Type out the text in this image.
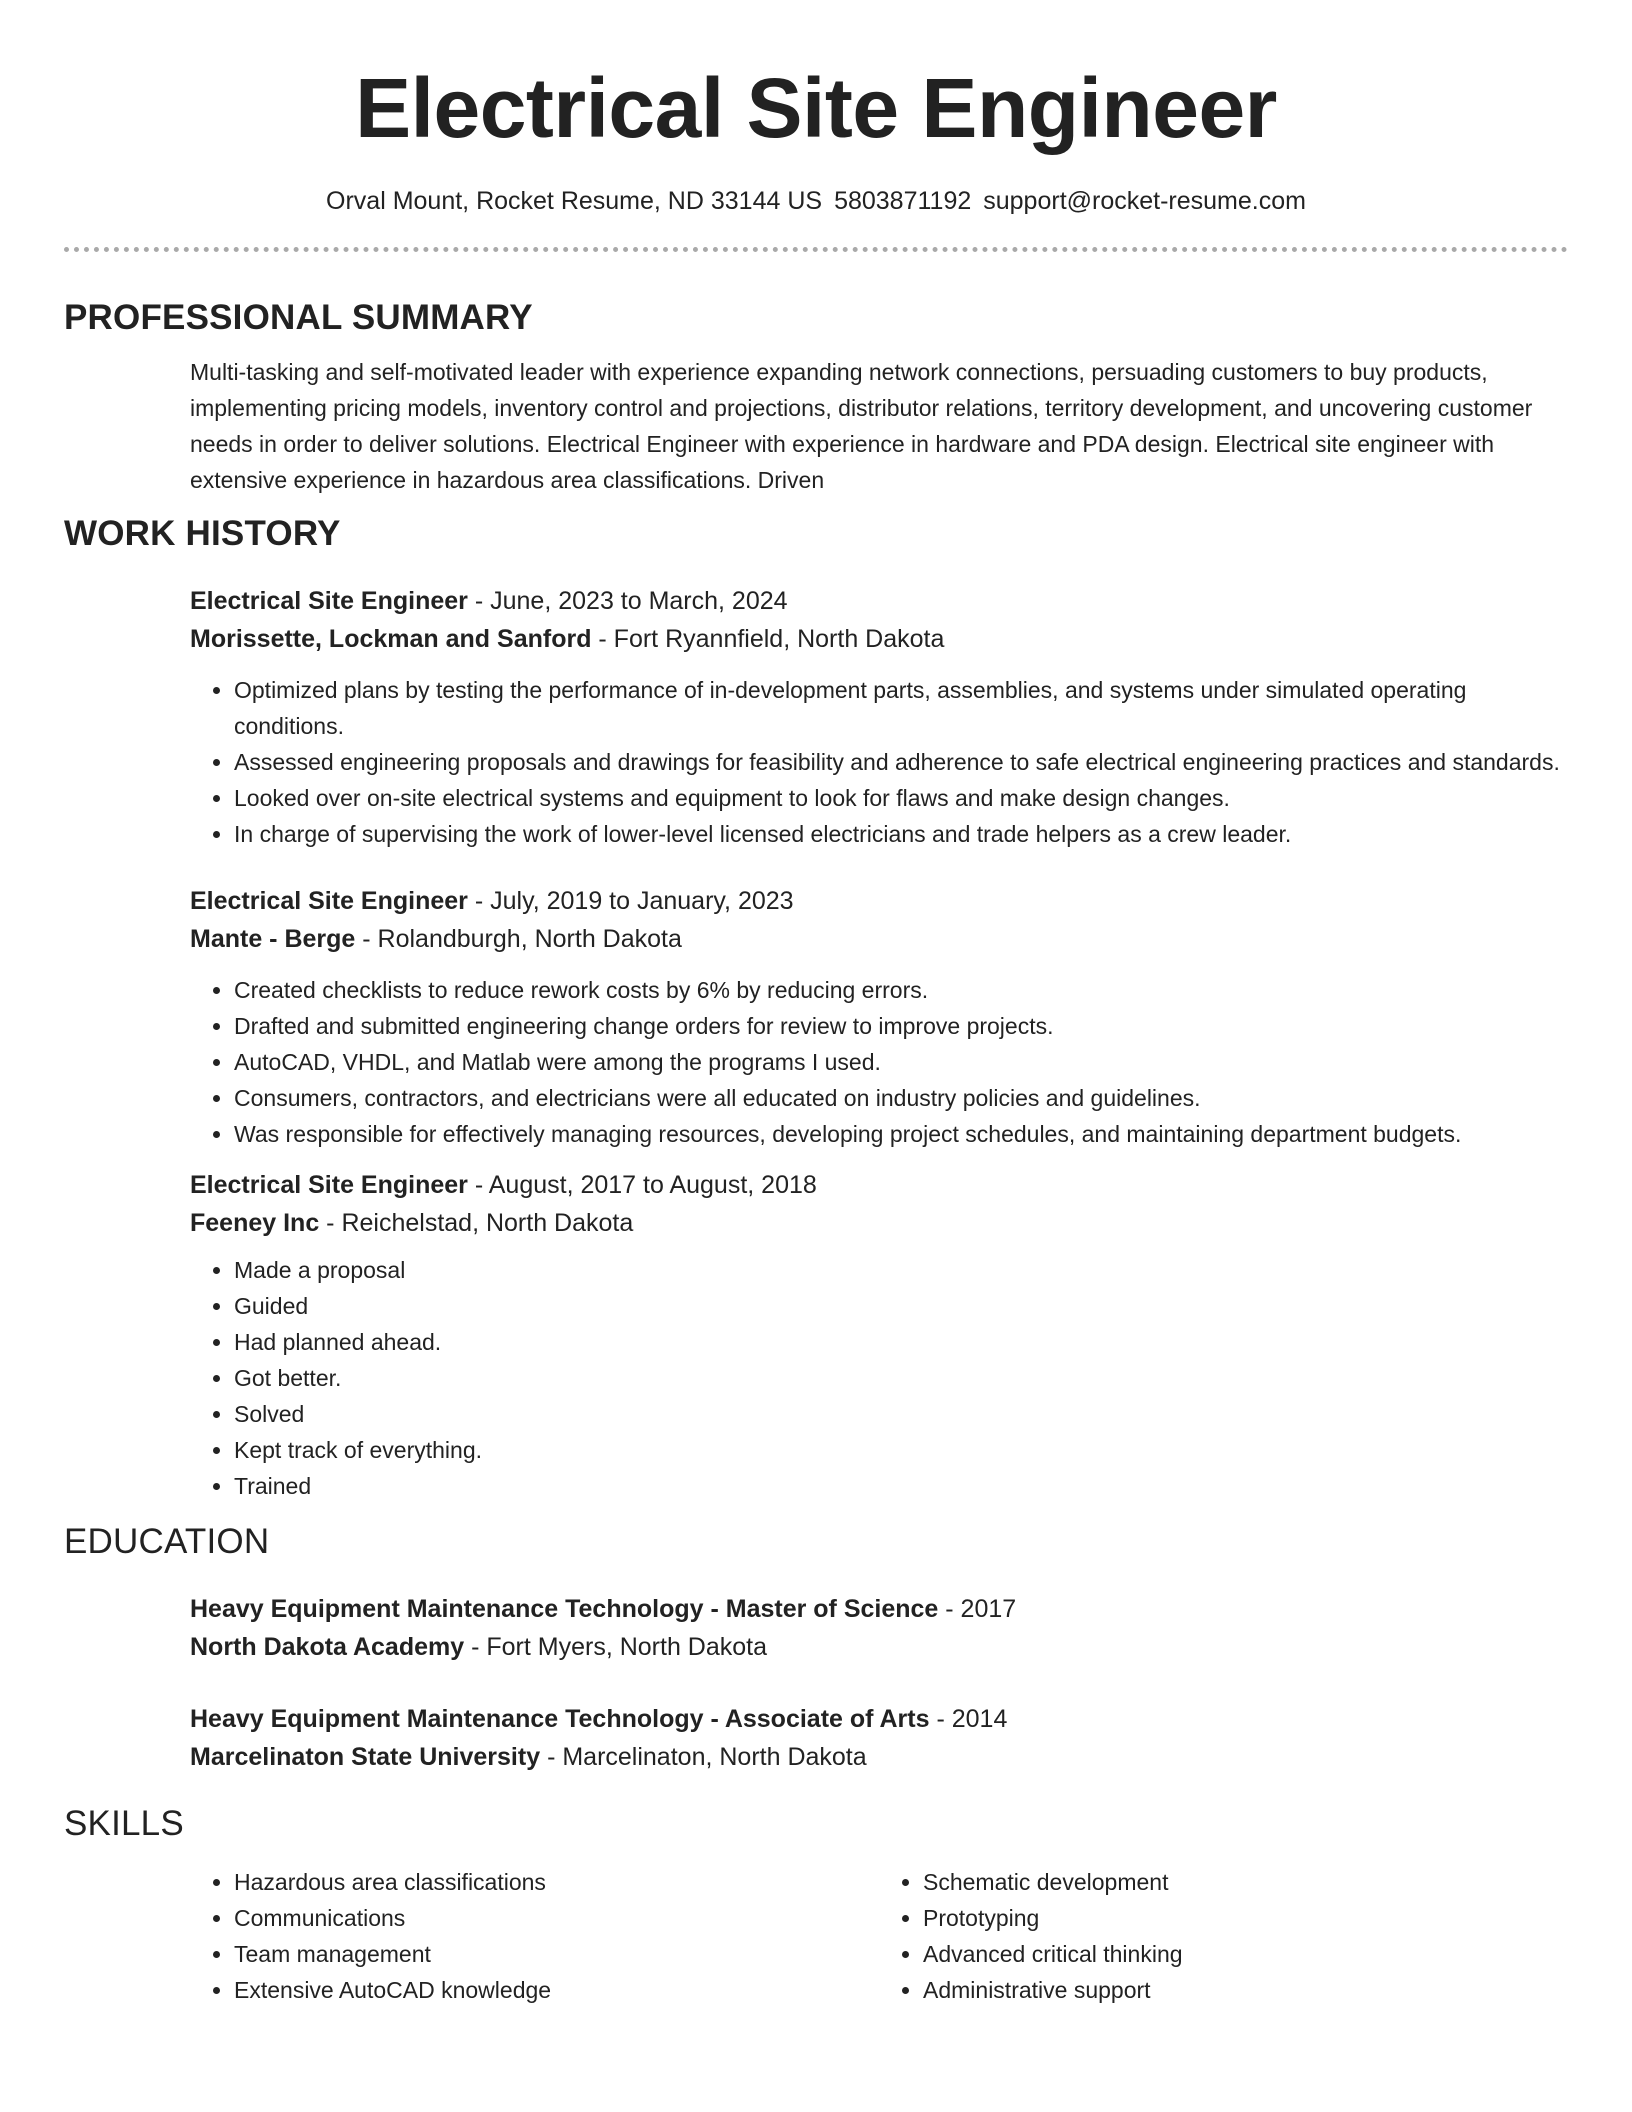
Electrical Site Engineer
Orval Mount, Rocket Resume, ND 33144 US 5803871192 support@rocket-resume.com
PROFESSIONAL SUMMARY

Multi-tasking and self-motivated leader with experience expanding network connections, persuading customers to buy products, implementing pricing models, inventory control and projections, distributor relations, territory development, and uncovering customer needs in order to deliver solutions. Electrical Engineer with experience in hardware and PDA design. Electrical site engineer with extensive experience in hazardous area classifications. Driven

WORK HISTORY

Electrical Site Engineer - June, 2023 to March, 2024

Morissette, Lockman and Sanford - Fort Ryannfield, North Dakota

• Optimized plans by testing the performance of in-development parts, assemblies, and systems under simulated operating conditions.
• Assessed engineering proposals and drawings for feasibility and adherence to safe electrical engineering practices and standards.
• Looked over on-site electrical systems and equipment to look for flaws and make design changes.
• In charge of supervising the work of lower-level licensed electricians and trade helpers as a crew leader.

Electrical Site Engineer - July, 2019 to January, 2023

Mante - Berge - Rolandburgh, North Dakota

• Created checklists to reduce rework costs by 6% by reducing errors.
• Drafted and submitted engineering change orders for review to improve projects.
• AutoCAD, VHDL, and Matlab were among the programs I used.
• Consumers, contractors, and electricians were all educated on industry policies and guidelines.
• Was responsible for effectively managing resources, developing project schedules, and maintaining department budgets.

Electrical Site Engineer - August, 2017 to August, 2018

Feeney Inc - Reichelstad, North Dakota

• Made a proposal
• Guided
• Had planned ahead.
• Got better.
• Solved
• Kept track of everything.
• Trained
EDUCATION

Heavy Equipment Maintenance Technology - Master of Science - 2017

North Dakota Academy - Fort Myers, North Dakota

Heavy Equipment Maintenance Technology - Associate of Arts - 2014

Marcelinaton State University - Marcelinaton, North Dakota

SKILLS
• Hazardous area classifications
• Communications
• Team management
• Extensive AutoCAD knowledge
• Schematic development
• Prototyping
• Advanced critical thinking
• Administrative support
